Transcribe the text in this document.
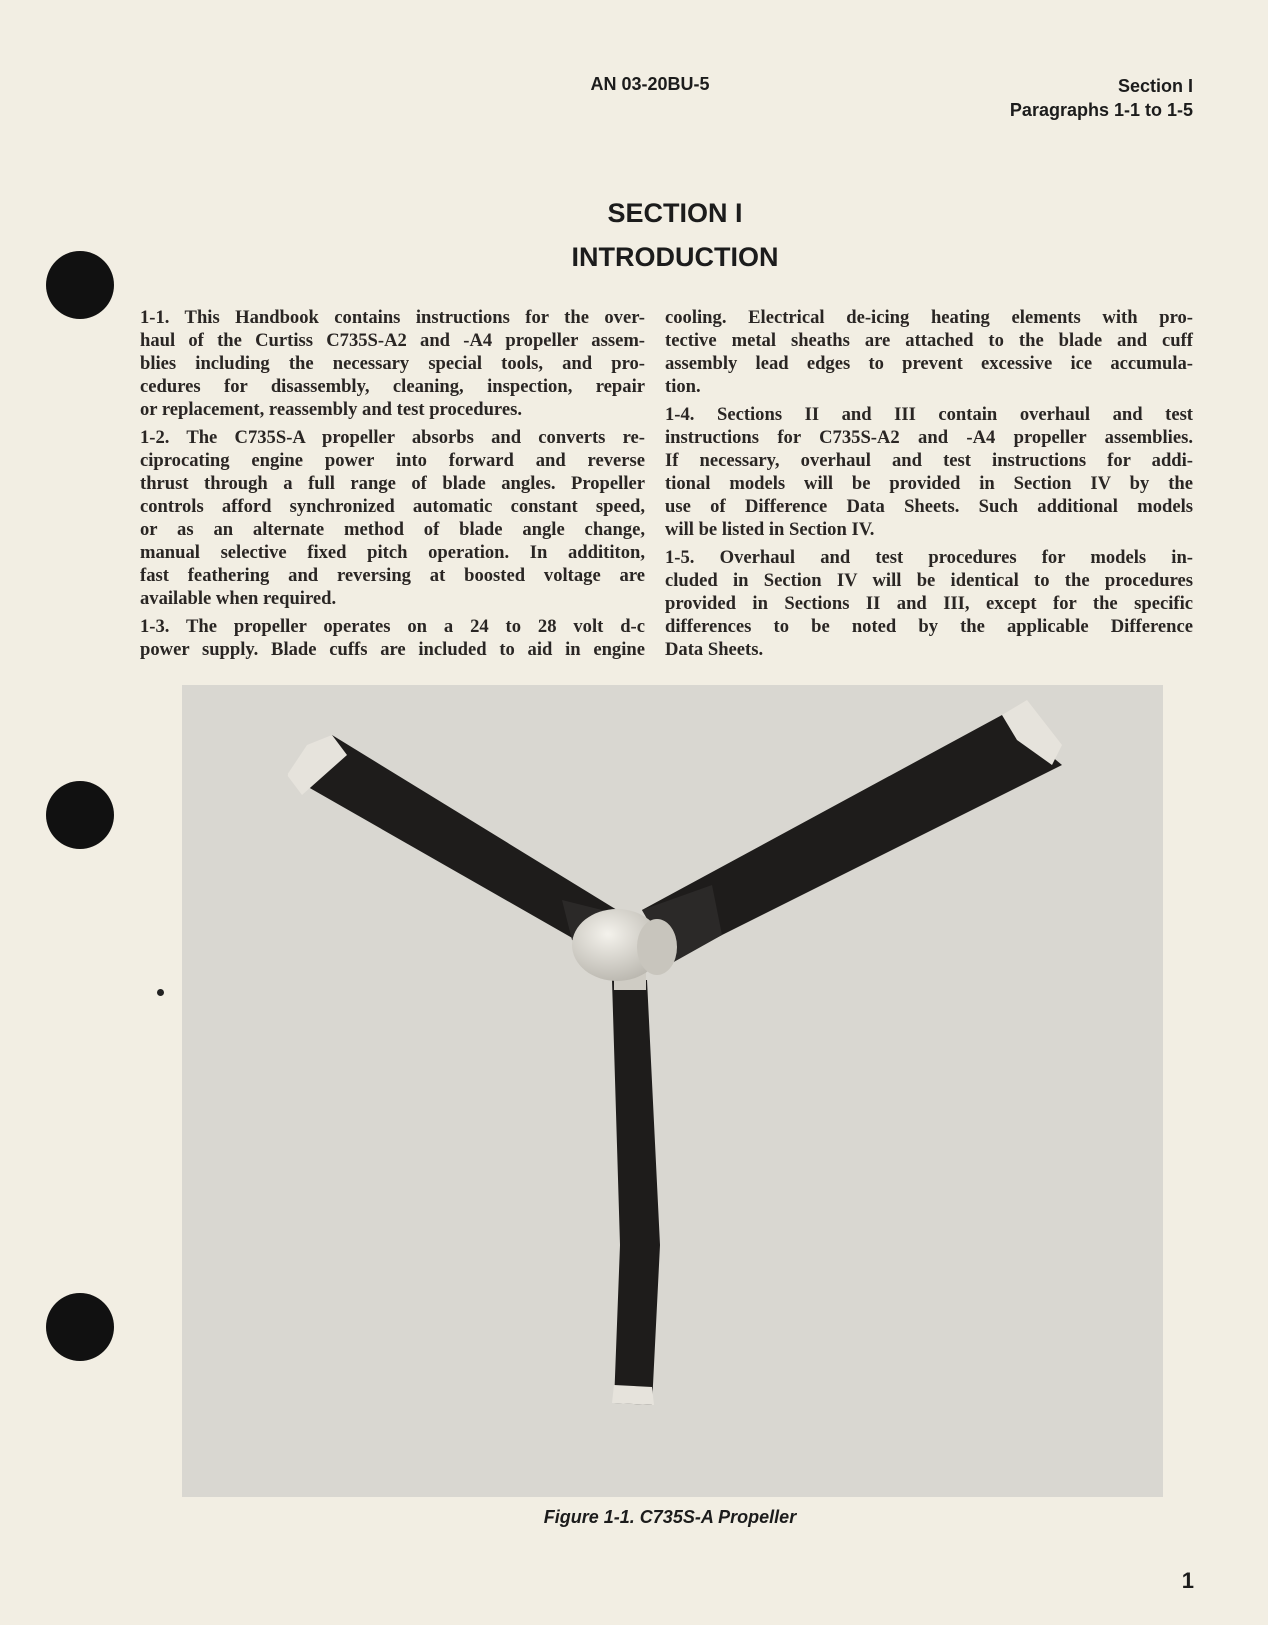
AN 03-20BU-5	Section I
Paragraphs 1-1 to 1-5
SECTION I
INTRODUCTION
1-1. This Handbook contains instructions for the over-
haul of the Curtiss C735S-A2 and -A4 propeller assem-
blies including the necessary special tools, and pro-
cedures for disassembly, cleaning, inspection, repair
or replacement, reassembly and test procedures.
1-2. The C735S-A propeller absorbs and converts re-
ciprocating engine power into forward and reverse
thrust through a full range of blade angles. Propeller
controls afford synchronized automatic constant speed,
or as an alternate method of blade angle change,
manual selective fixed pitch operation. In addititon,
fast feathering and reversing at boosted voltage are
available when required.
1-3. The propeller operates on a 24 to 28 volt d-c
power supply. Blade cuffs are included to aid in engine
cooling. Electrical de-icing heating elements with pro-
tective metal sheaths are attached to the blade and cuff
assembly lead edges to prevent excessive ice accumula-
tion.
1-4. Sections II and III contain overhaul and test
instructions for C735S-A2 and -A4 propeller assemblies.
If necessary, overhaul and test instructions for addi-
tional models will be provided in Section IV by the
use of Difference Data Sheets. Such additional models
will be listed in Section IV.
1-5. Overhaul and test procedures for models in-
cluded in Section IV will be identical to the procedures
provided in Sections II and III, except for the specific
differences to be noted by the applicable Difference
Data Sheets.
Figure 1-1. C735S-A Propeller
1
